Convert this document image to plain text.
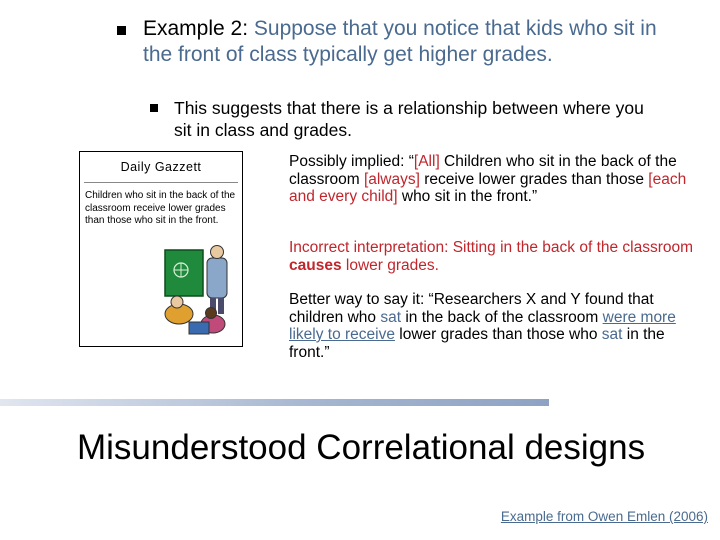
Example 2: Suppose that you notice that kids who sit in the front of class typically get higher grades.
This suggests that there is a relationship between where you sit in class and grades.
Daily Gazzett
Children who sit in the back of the classroom receive lower grades than those who sit in the front.
Possibly implied: “[All] Children who sit in the back of the classroom [always] receive lower grades than those [each and every child] who sit in the front.”
Incorrect interpretation: Sitting in the back of the classroom causes lower grades.
Better way to say it: “Researchers X and Y found that children who sat in the back of the classroom were more likely to receive lower grades than those who sat in the front.”
Misunderstood Correlational designs
Example from Owen Emlen (2006)
